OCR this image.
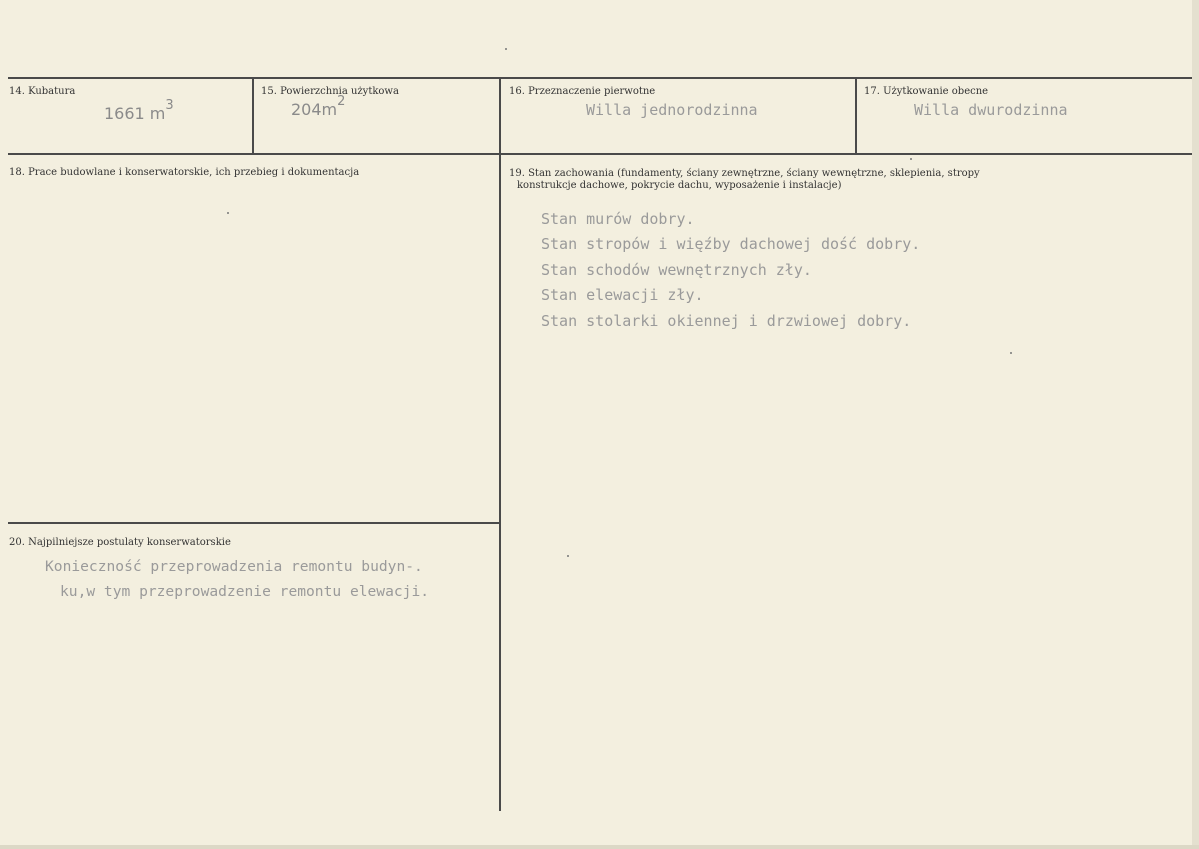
14. Kubatura
1661 $m^3$
15. Powierzchnia użytkowa
$204m^2$
16. Przeznaczenie pierwotne
Willa jednorodzinna
17. Użytkowanie obecne
Willa dwurodzinna
18. Prace budowlane i konserwatorskie, ich przebieg i dokumentacja	19. Stan zachowania (fundamenty, ściany zewnętrzne, ściany wewnętrzne, sklepienia, stropy
konstrukcje dachowe, pokrycie dachu, wyposażenie i instalacje)
Stan murów dobry.
Stan stropów i więźby dachowej dość dobry.
Stan schodów wewnętrznych zły.
Stan elewacji zły.
Stan stolarki okiennej i drzwiowej dobry.
20. Najpilniejsze postulaty konserwatorskie
Konieczność przeprowadzenia remontu budyn-.
ku,w tym przeprowadzenie remontu elewacji.
